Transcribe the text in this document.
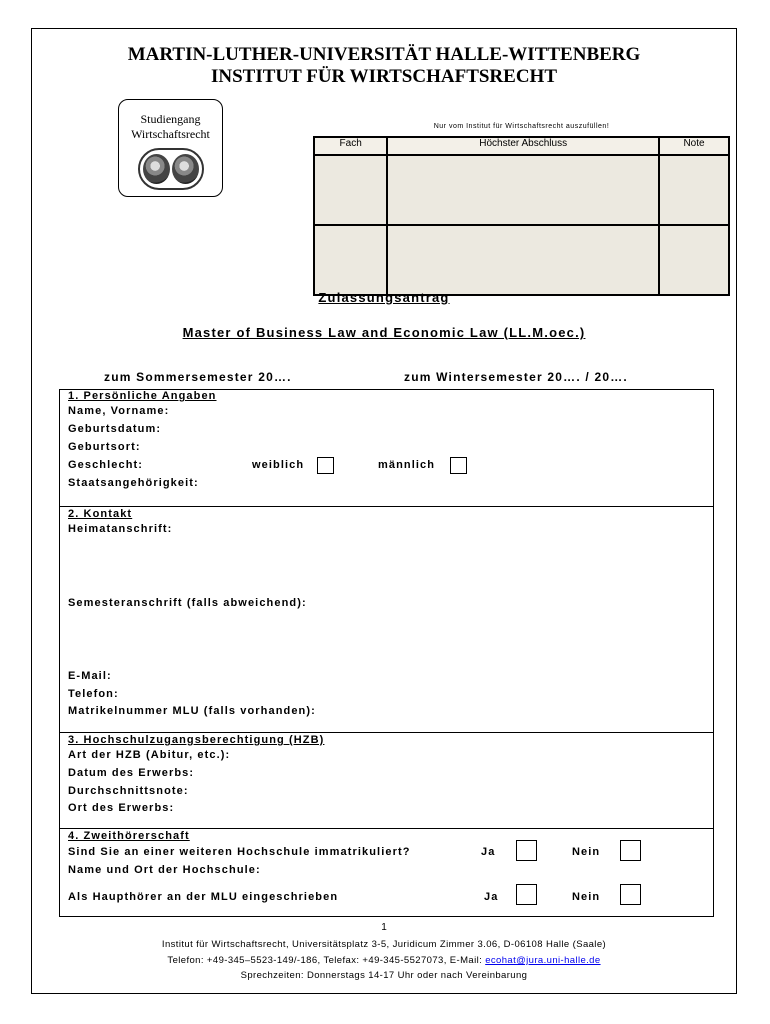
MARTIN-LUTHER-UNIVERSITÄT HALLE-WITTENBERG
INSTITUT FÜR WIRTSCHAFTSRECHT
Studiengang
Wirtschaftsrecht
Nur vom Institut für Wirtschaftsrecht auszufüllen!
Fach	Höchster Abschluss	Note

Zulassungsantrag
Master of Business Law and Economic Law (LL.M.oec.)
zum Sommersemester 20….	zum Wintersemester 20…. / 20….
1. Persönliche Angaben
Name, Vorname:
Geburtsdatum:
Geburtsort:
Geschlecht:	weiblich	männlich
Staatsangehörigkeit:
2. Kontakt
Heimatanschrift:
Semesteranschrift (falls abweichend):
E-Mail:
Telefon:
Matrikelnummer MLU (falls vorhanden):
3. Hochschulzugangsberechtigung (HZB)
Art der HZB (Abitur, etc.):
Datum des Erwerbs:
Durchschnittsnote:
Ort des Erwerbs:
4. Zweithörerschaft
Sind Sie an einer weiteren Hochschule immatrikuliert?	Ja	Nein
Name und Ort der Hochschule:
Als Haupthörer an der MLU eingeschrieben	Ja	Nein
1
Institut für Wirtschaftsrecht, Universitätsplatz 3-5, Juridicum Zimmer 3.06, D-06108 Halle (Saale)
Telefon: +49-345–5523-149/-186, Telefax: +49-345-5527073, E-Mail: ecohat@jura.uni-halle.de
Sprechzeiten: Donnerstags 14-17 Uhr oder nach Vereinbarung
